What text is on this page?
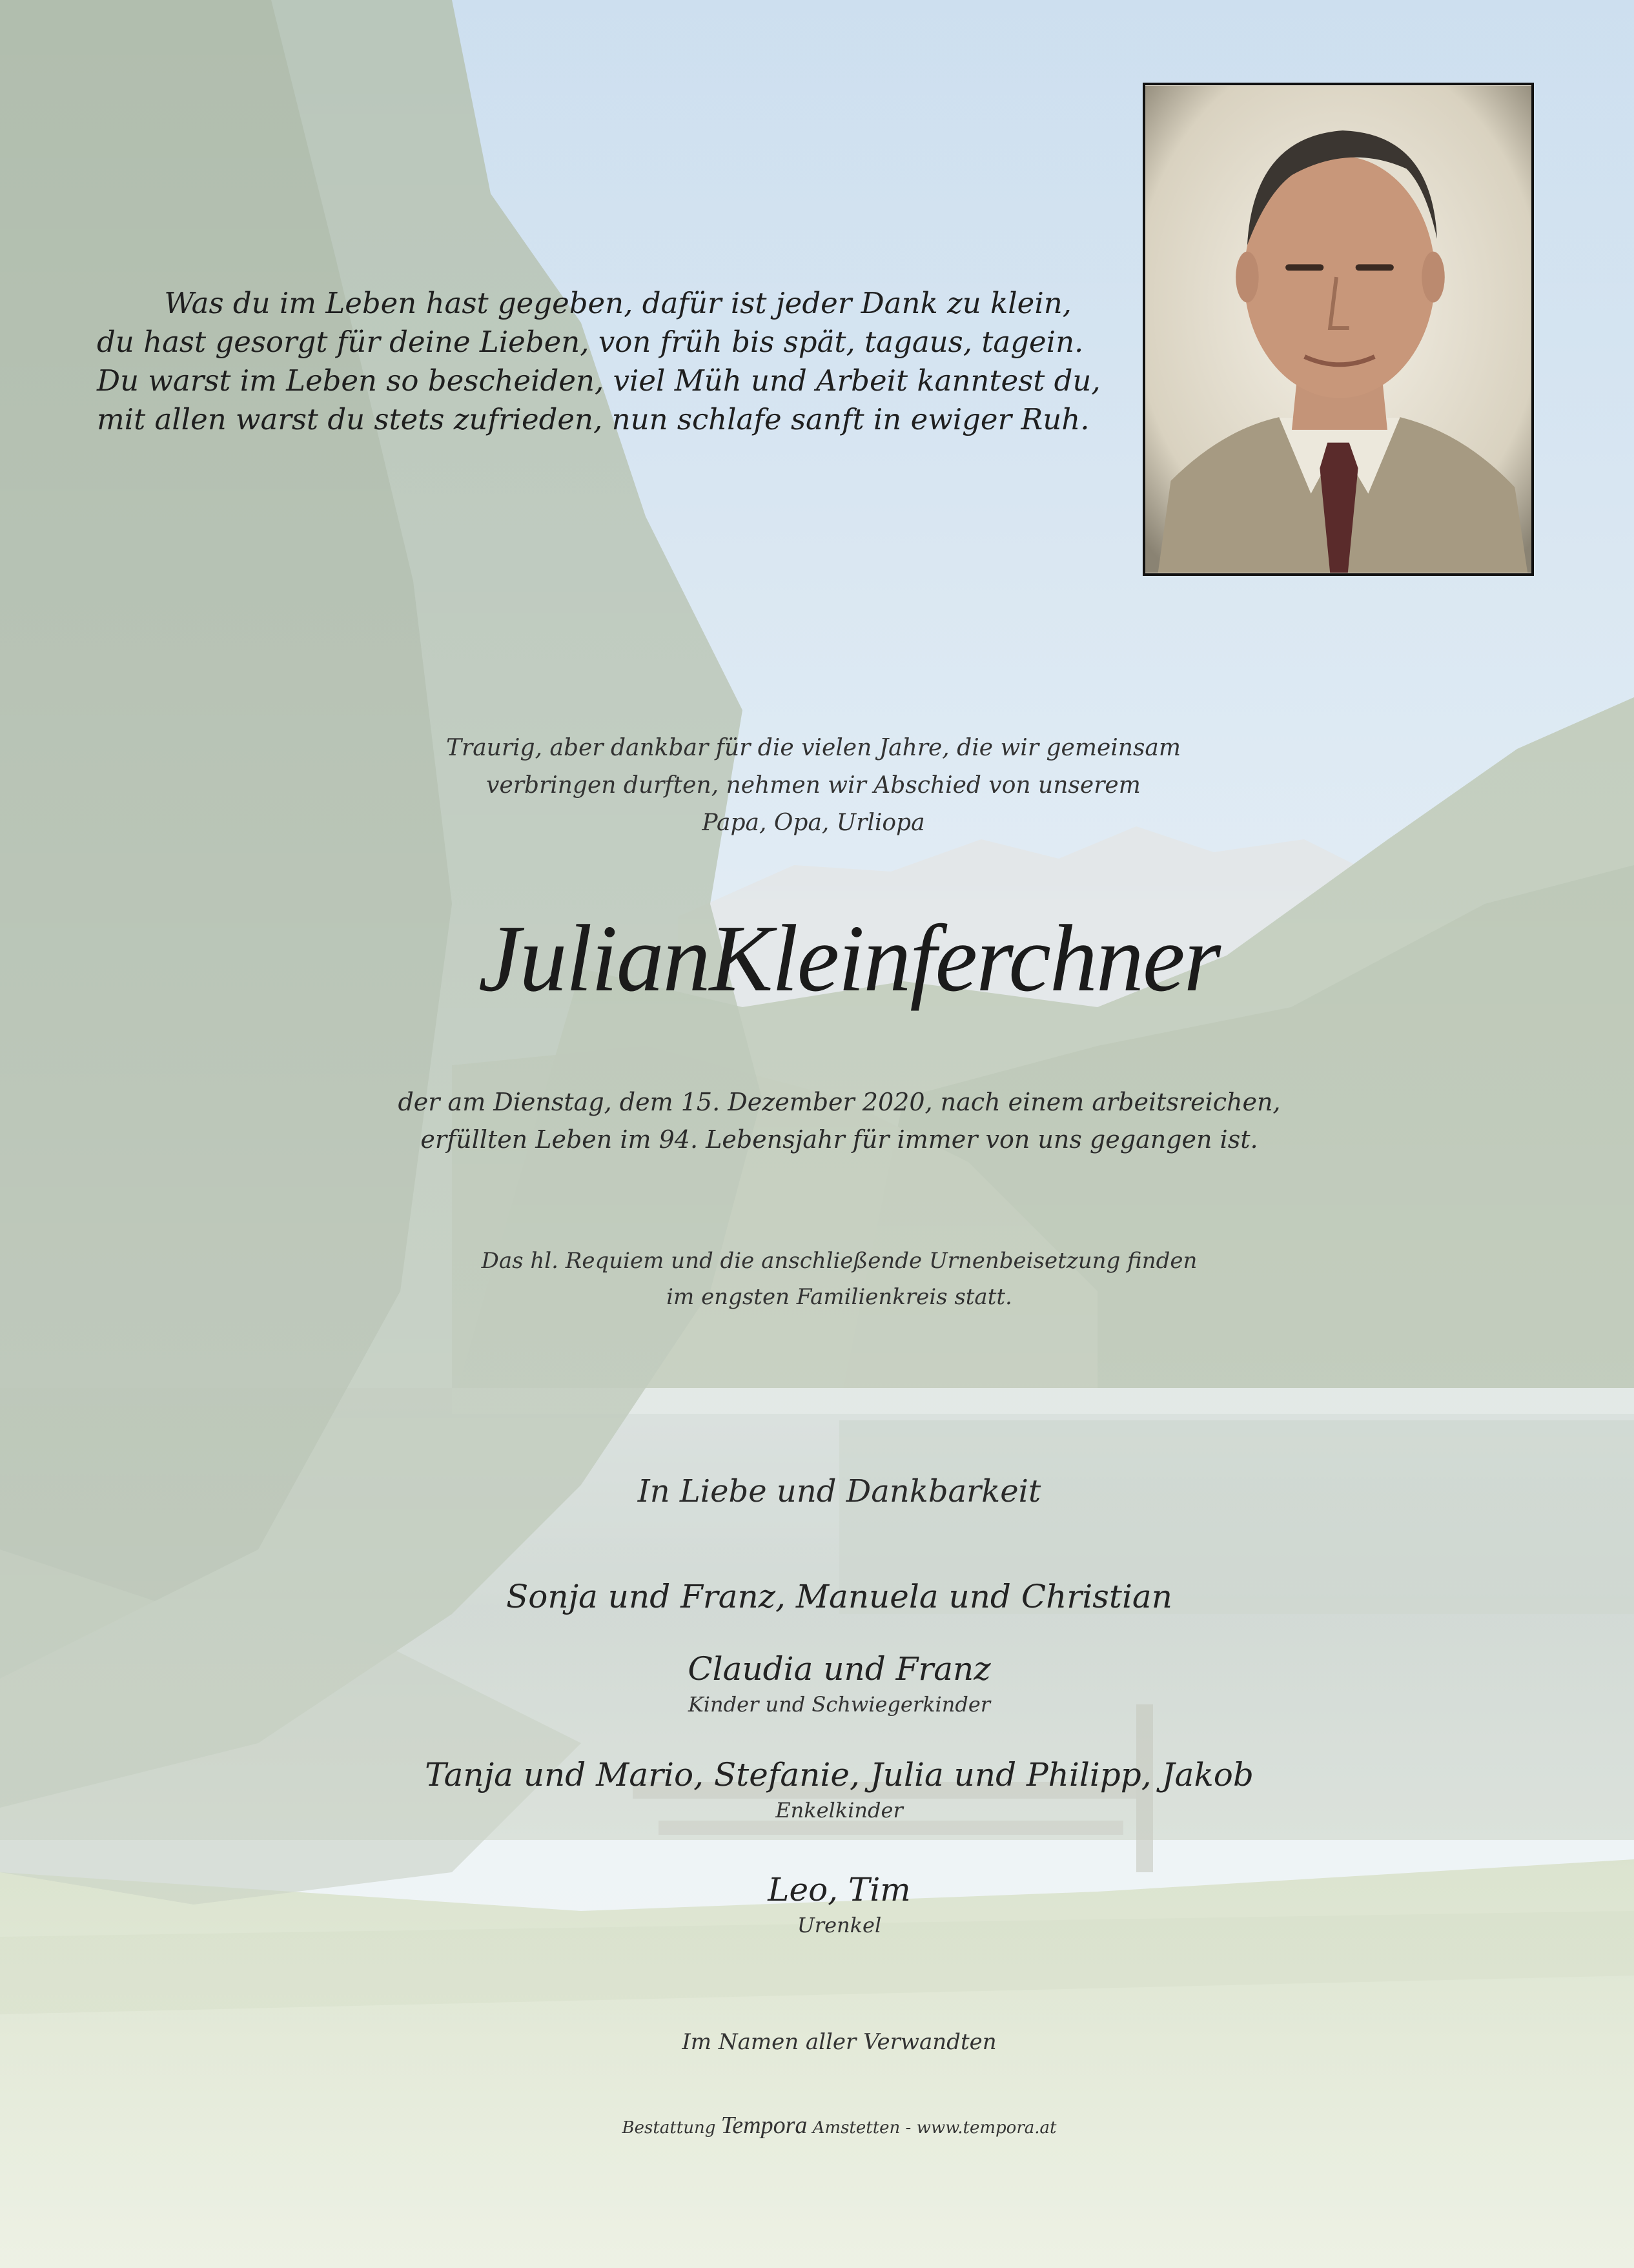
Was du im Leben hast gegeben, dafür ist jeder Dank zu klein,
du hast gesorgt für deine Lieben, von früh bis spät, tagaus, tagein.
Du warst im Leben so bescheiden, viel Müh und Arbeit kanntest du,
mit allen warst du stets zufrieden, nun schlafe sanft in ewiger Ruh.
Traurig, aber dankbar für die vielen Jahre, die wir gemeinsam
verbringen durften, nehmen wir Abschied von unserem
Papa, Opa, Urliopa
JulianKleinferchner
der am Dienstag, dem 15. Dezember 2020, nach einem arbeitsreichen,
erfüllten Leben im 94. Lebensjahr für immer von uns gegangen ist.
Das hl. Requiem und die anschließende Urnenbeisetzung finden
im engsten Familienkreis statt.
In Liebe und Dankbarkeit
Sonja und Franz, Manuela und Christian
Claudia und Franz
Kinder und Schwiegerkinder
Tanja und Mario, Stefanie, Julia und Philipp, Jakob
Enkelkinder
Leo, Tim
Urenkel
Im Namen aller Verwandten
Bestattung Tempora Amstetten - www.tempora.at
